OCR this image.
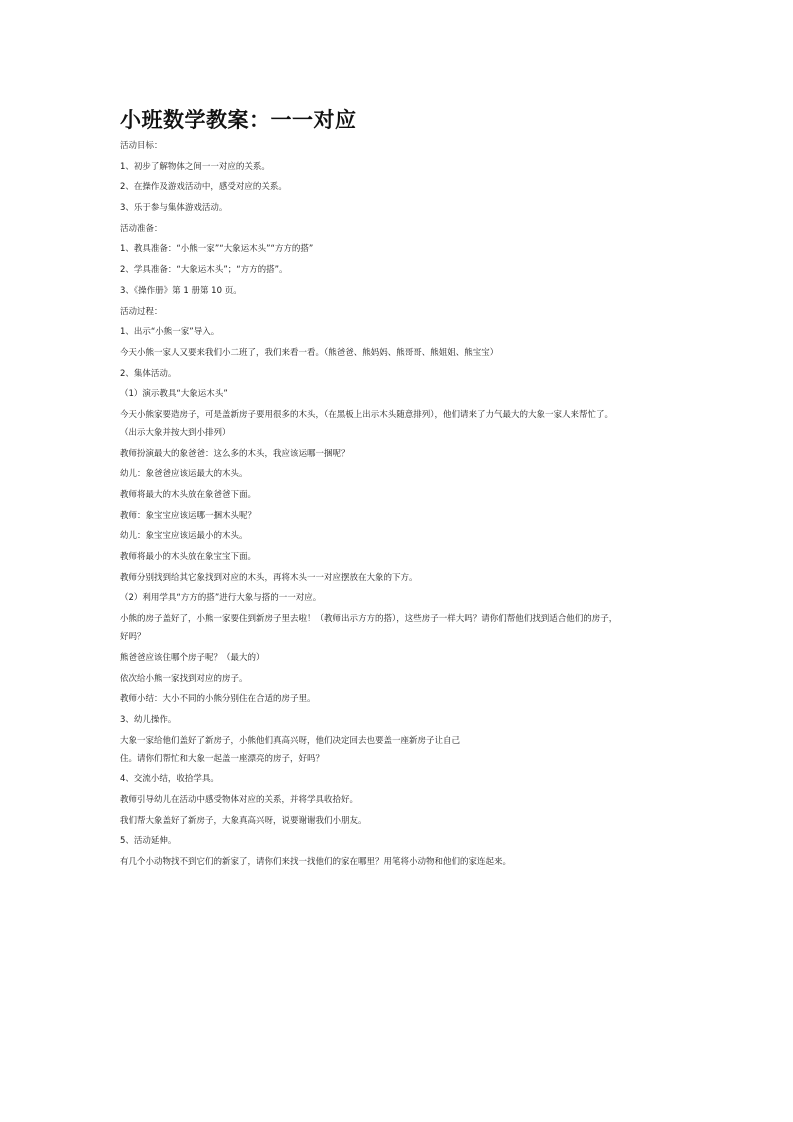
小班数学教案：一一对应
活动目标：
1、初步了解物体之间一一对应的关系。
2、在操作及游戏活动中，感受对应的关系。
3、乐于参与集体游戏活动。
活动准备：
1、教具准备：“小熊一家”“大象运木头”“方方的搭”
2、学具准备：“大象运木头”；“方方的搭”。
3、《操作册》第 1 册第 10 页。
活动过程：
1、出示“小熊一家”导入。
今天小熊一家人又要来我们小二班了，我们来看一看。（熊爸爸、熊妈妈、熊哥哥、熊姐姐、熊宝宝）
2、集体活动。
（1）演示教具“大象运木头”
今天小熊家要造房子，可是盖新房子要用很多的木头，（在黑板上出示木头随意排列），他们请来了力气最大的大象一家人来帮忙了。
（出示大象并按大到小排列）
教师扮演最大的象爸爸：这么多的木头，我应该运哪一捆呢？
幼儿：象爸爸应该运最大的木头。
教师将最大的木头放在象爸爸下面。
教师：象宝宝应该运哪一捆木头呢？
幼儿：象宝宝应该运最小的木头。
教师将最小的木头放在象宝宝下面。
教师分别找到给其它象找到对应的木头，再将木头一一对应摆放在大象的下方。
（2）利用学具“方方的搭”进行大象与搭的一一对应。
小熊的房子盖好了，小熊一家要住到新房子里去啦！（教师出示方方的搭），这些房子一样大吗？请你们帮他们找到适合他们的房子，
好吗？
熊爸爸应该住哪个房子呢？（最大的）
依次给小熊一家找到对应的房子。
教师小结：大小不同的小熊分别住在合适的房子里。
3、幼儿操作。
大象一家给他们盖好了新房子，小熊他们真高兴呀，他们决定回去也要盖一座新房子让自己
住。请你们帮忙和大象一起盖一座漂亮的房子，好吗？
4、交流小结，收拾学具。
教师引导幼儿在活动中感受物体对应的关系，并将学具收拾好。
我们帮大象盖好了新房子，大象真高兴呀，说要谢谢我们小朋友。
5、活动延伸。
有几个小动物找不到它们的新家了，请你们来找一找他们的家在哪里？用笔将小动物和他们的家连起来。
